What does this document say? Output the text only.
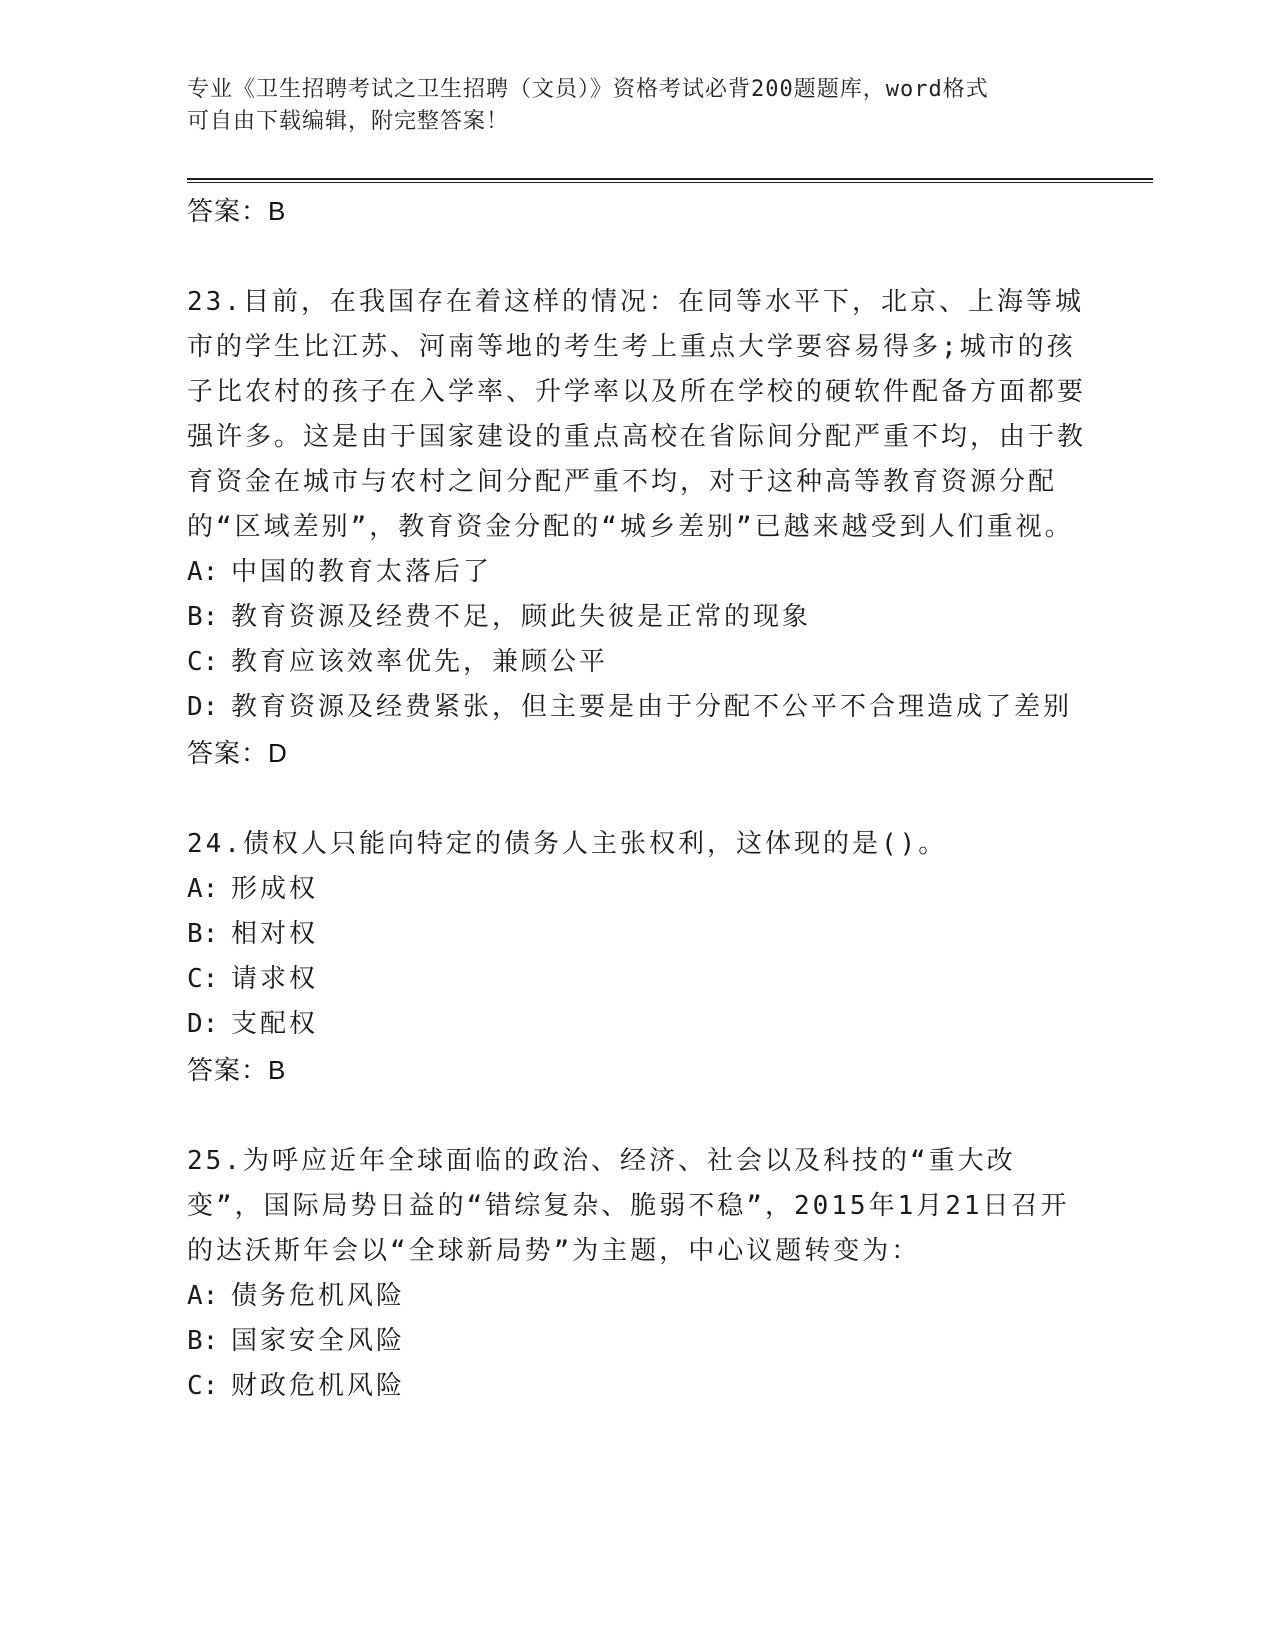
专业《卫生招聘考试之卫生招聘（文员）》资格考试必背200题题库，word格式
可自由下载编辑，附完整答案！
答案：B

23.目前，在我国存在着这样的情况：在同等水平下，北京、上海等城市的学生比江苏、河南等地的考生考上重点大学要容易得多;城市的孩子比农村的孩子在入学率、升学率以及所在学校的硬软件配备方面都要强许多。这是由于国家建设的重点高校在省际间分配严重不均，由于教育资金在城市与农村之间分配严重不均，对于这种高等教育资源分配的“区域差别”，教育资金分配的“城乡差别”已越来越受到人们重视。

A: 中国的教育太落后了
B: 教育资源及经费不足，顾此失彼是正常的现象
C: 教育应该效率优先，兼顾公平
D: 教育资源及经费紧张，但主要是由于分配不公平不合理造成了差别
答案：D

24.债权人只能向特定的债务人主张权利，这体现的是()。

A: 形成权
B: 相对权
C: 请求权
D: 支配权
答案：B

25.为呼应近年全球面临的政治、经济、社会以及科技的“重大改变”，国际局势日益的“错综复杂、脆弱不稳”，2015年1月21日召开的达沃斯年会以“全球新局势”为主题，中心议题转变为：

A: 债务危机风险
B: 国家安全风险
C: 财政危机风险
